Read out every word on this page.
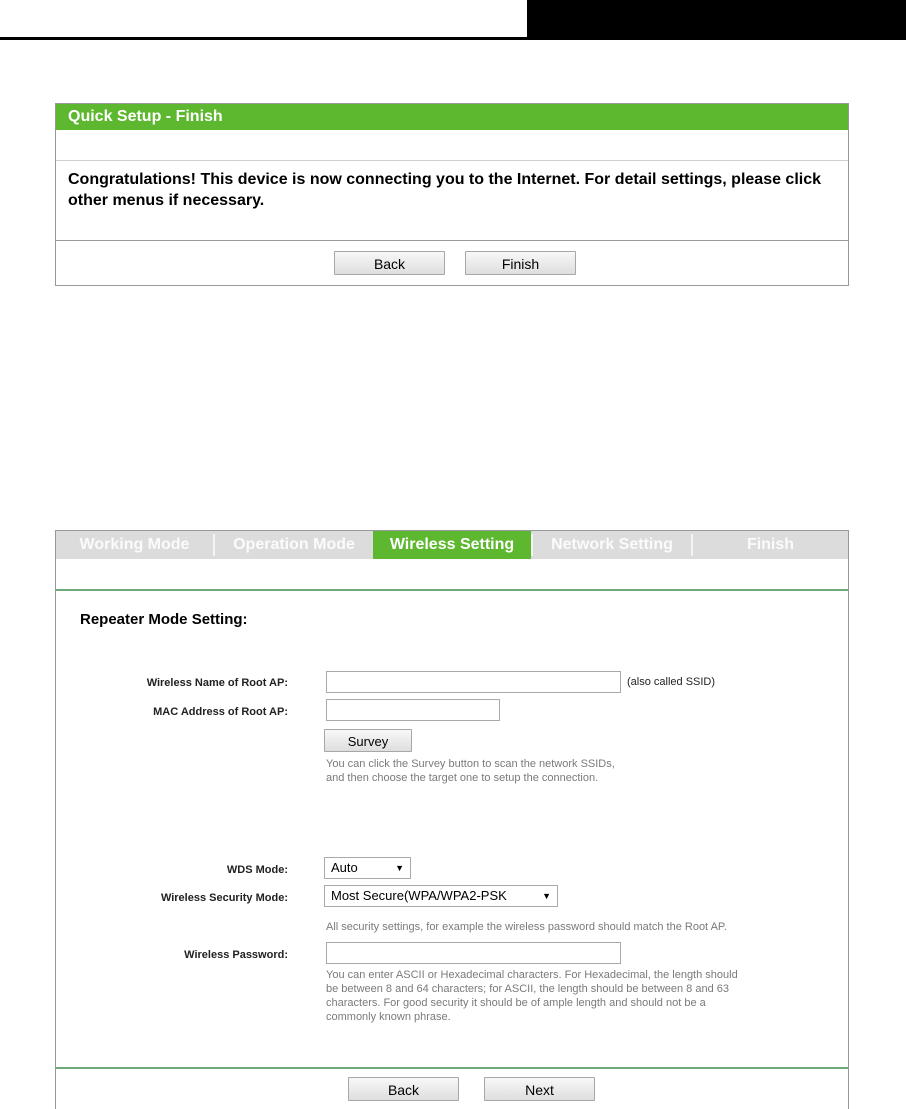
Quick Setup - Finish
Congratulations! This device is now connecting you to the Internet. For detail settings, please click other menus if necessary.
Back	Finish
Working Mode	Operation Mode	Wireless Setting	Network Setting	Finish
Repeater Mode Setting:
Wireless Name of Root AP:	(also called SSID)
MAC Address of Root AP:
Survey
You can click the Survey button to scan the network SSIDs,
and then choose the target one to setup the connection.
WDS Mode:	Auto	▼
Wireless Security Mode:	Most Secure(WPA/WPA2-PSK	▼
All security settings, for example the wireless password should match the Root AP.
Wireless Password:
You can enter ASCII or Hexadecimal characters. For Hexadecimal, the length should
be between 8 and 64 characters; for ASCII, the length should be between 8 and 63
characters. For good security it should be of ample length and should not be a
commonly known phrase.
Back	Next
